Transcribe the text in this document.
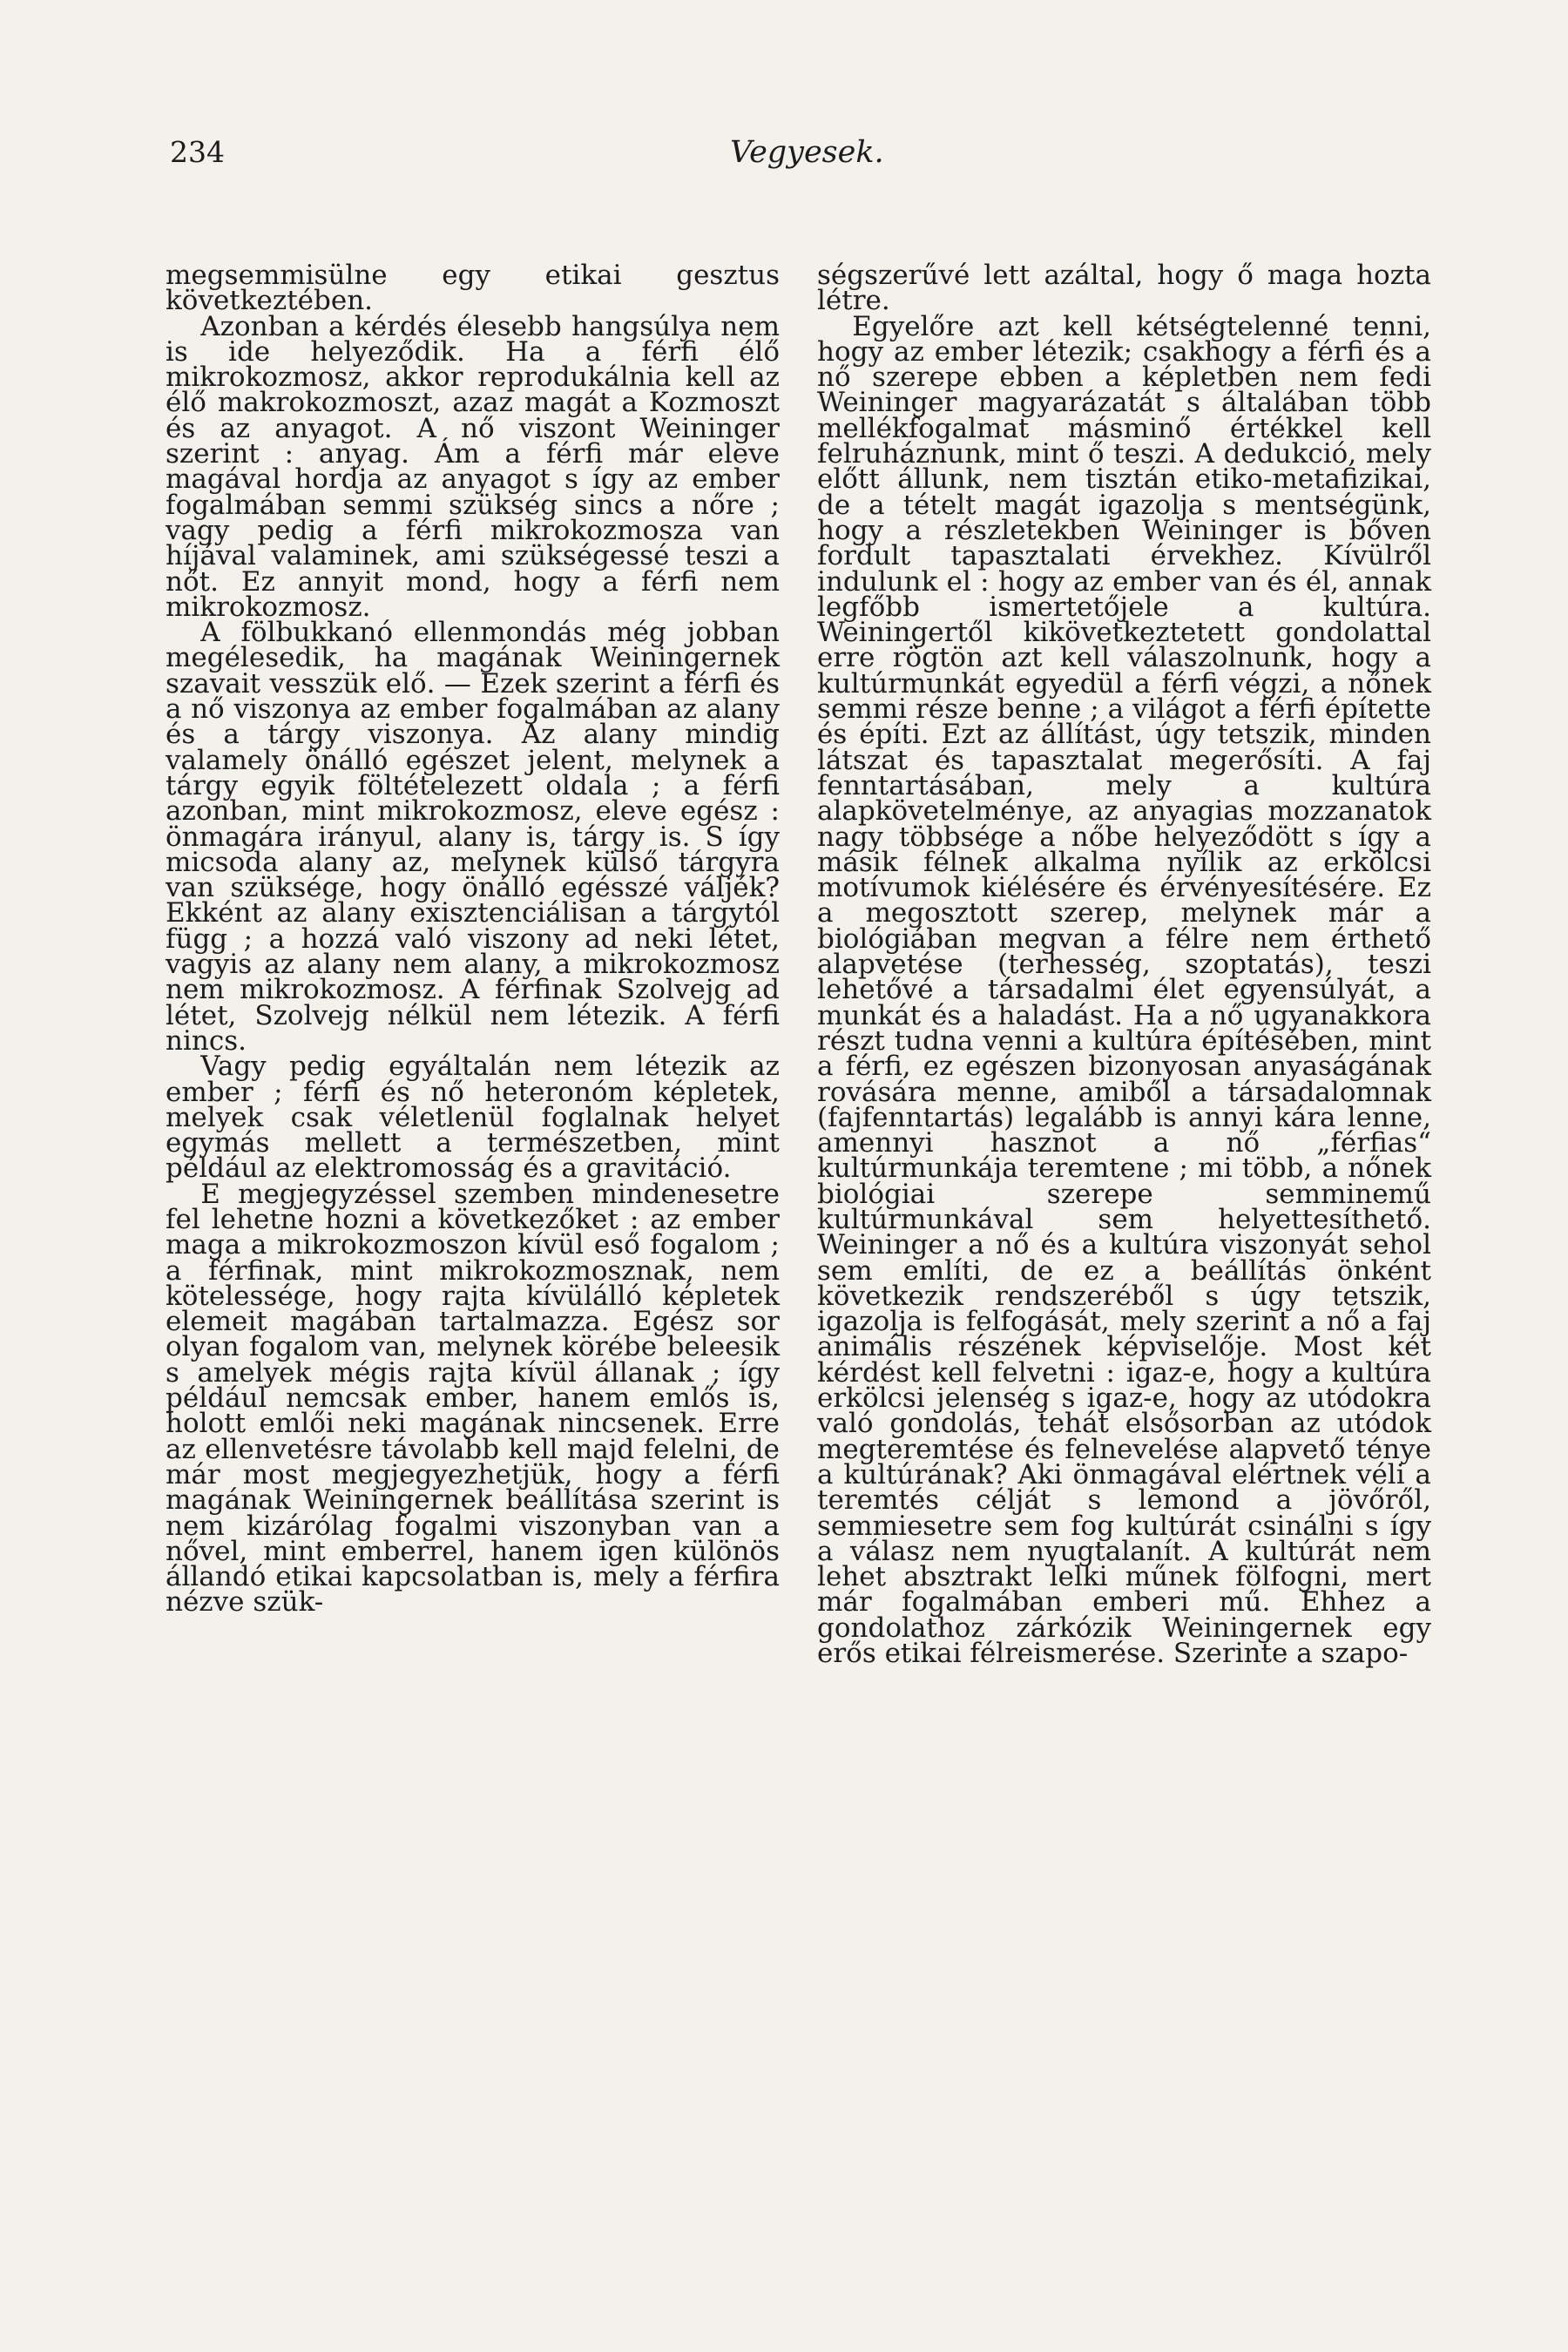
234	Vegyesek.

megsemmisülne egy etikai gesztus következtében.

Azonban a kérdés élesebb hangsúlya nem is ide helyeződik. Ha a férfi élő mikrokozmosz, akkor reprodukálnia kell az élő makrokozmoszt, azaz magát a Kozmoszt és az anyagot. A nő viszont Weininger szerint : anyag. Ám a férfi már eleve magával hordja az anyagot s így az ember fogalmában semmi szükség sincs a nőre ; vagy pedig a férfi mikrokozmosza van híjával valaminek, ami szükségessé teszi a nőt. Ez annyit mond, hogy a férfi nem mikrokozmosz.

A fölbukkanó ellenmondás még jobban megélesedik, ha magának Weiningernek szavait vesszük elő. — Ezek szerint a férfi és a nő viszonya az ember fogalmában az alany és a tárgy viszonya. Az alany mindig valamely önálló egészet jelent, melynek a tárgy egyik föltételezett oldala ; a férfi azonban, mint mikrokozmosz, eleve egész : önmagára irányul, alany is, tárgy is. S így micsoda alany az, melynek külső tárgyra van szüksége, hogy önálló egésszé váljék? Ekként az alany exisztenciálisan a tárgytól függ ; a hozzá való viszony ad neki létet, vagyis az alany nem alany, a mikrokozmosz nem mikrokozmosz. A férfinak Szolvejg ad létet, Szolvejg nélkül nem létezik. A férfi nincs.

Vagy pedig egyáltalán nem létezik az ember ; férfi és nő heteronóm képletek, melyek csak véletlenül foglalnak helyet egymás mellett a természetben, mint például az elektromosság és a gravitáció.

E megjegyzéssel szemben mindenesetre fel lehetne hozni a következőket : az ember maga a mikrokozmoszon kívül eső fogalom ; a férfinak, mint mikrokozmosznak, nem kötelessége, hogy rajta kívülálló képletek elemeit magában tartalmazza. Egész sor olyan fogalom van, melynek körébe beleesik s amelyek mégis rajta kívül állanak ; így például nemcsak ember, hanem emlős is, holott emlői neki magának nincsenek. Erre az ellenvetésre távolabb kell majd felelni, de már most megjegyezhetjük, hogy a férfi magának Weiningernek beállítása szerint is nem kizárólag fogalmi viszonyban van a nővel, mint emberrel, hanem igen különös állandó etikai kapcsolatban is, mely a férfira nézve szük-

ségszerűvé lett azáltal, hogy ő maga hozta létre.

Egyelőre azt kell kétségtelenné tenni, hogy az ember létezik; csakhogy a férfi és a nő szerepe ebben a képletben nem fedi Weininger magyarázatát s általában több mellékfogalmat másminő értékkel kell felruháznunk, mint ő teszi. A dedukció, mely előtt állunk, nem tisztán etiko-metafizikai, de a tételt magát igazolja s mentségünk, hogy a részletekben Weininger is bőven fordult tapasztalati érvekhez. Kívülről indulunk el : hogy az ember van és él, annak legfőbb ismertetőjele a kultúra. Weiningertől kikövetkeztetett gondolattal erre rögtön azt kell válaszolnunk, hogy a kultúrmunkát egyedül a férfi végzi, a nőnek semmi része benne ; a világot a férfi építette és építi. Ezt az állítást, úgy tetszik, minden látszat és tapasztalat megerősíti. A faj fenntartásában, mely a kultúra alapkövetelménye, az anyagias mozzanatok nagy többsége a nőbe helyeződött s így a másik félnek alkalma nyílik az erkölcsi motívumok kiélésére és érvényesítésére. Ez a megosztott szerep, melynek már a biológiában megvan a félre nem érthető alapvetése (terhesség, szoptatás), teszi lehetővé a társadalmi élet egyensúlyát, a munkát és a haladást. Ha a nő ugyanakkora részt tudna venni a kultúra építésében, mint a férfi, ez egészen bizonyosan anyaságának rovására menne, amiből a társadalomnak (fajfenntartás) legalább is annyi kára lenne, amennyi hasznot a nő „férfias“ kultúrmunkája teremtene ; mi több, a nőnek biológiai szerepe semminemű kultúrmunkával sem helyettesíthető. Weininger a nő és a kultúra viszonyát sehol sem említi, de ez a beállítás önként következik rendszeréből s úgy tetszik, igazolja is felfogását, mely szerint a nő a faj animális részének képviselője. Most két kérdést kell felvetni : igaz-e, hogy a kultúra erkölcsi jelenség s igaz-e, hogy az utódokra való gondolás, tehát elsősorban az utódok megteremtése és felnevelése alapvető ténye a kultúrának? Aki önmagával elértnek véli a teremtés célját s lemond a jövőről, semmiesetre sem fog kultúrát csinálni s így a válasz nem nyugtalanít. A kultúrát nem lehet absztrakt lelki műnek fölfogni, mert már fogalmában emberi mű. Ehhez a gondolathoz zárkózik Weiningernek egy erős etikai félreismerése. Szerinte a szapo-
